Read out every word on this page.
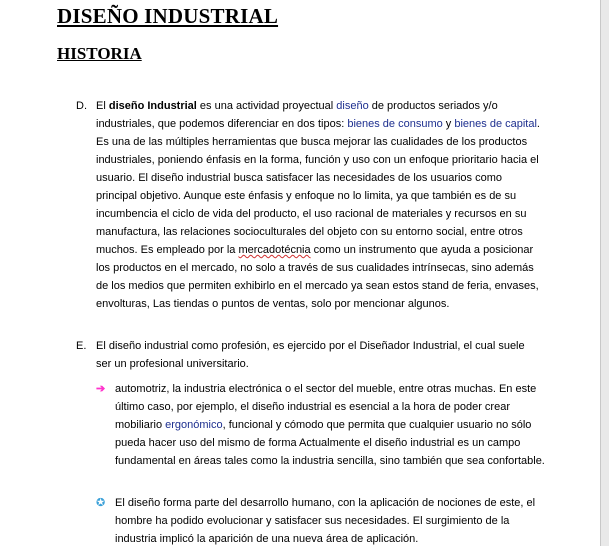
DISEÑO INDUSTRIAL
HISTORIA
D. El diseño Industrial es una actividad proyectual diseño de productos seriados y/o industriales, que podemos diferenciar en dos tipos: bienes de consumo y bienes de capital. Es una de las múltiples herramientas que busca mejorar las cualidades de los productos industriales, poniendo énfasis en la forma, función y uso con un enfoque prioritario hacia el usuario. El diseño industrial busca satisfacer las necesidades de los usuarios como principal objetivo. Aunque este énfasis y enfoque no lo limita, ya que también es de su incumbencia el ciclo de vida del producto, el uso racional de materiales y recursos en su manufactura, las relaciones socioculturales del objeto con su entorno social, entre otros muchos. Es empleado por la mercadotécnia como un instrumento que ayuda a posicionar los productos en el mercado, no solo a través de sus cualidades intrínsecas, sino además de los medios que permiten exhibirlo en el mercado ya sean estos stand de feria, envases, envolturas, Las tiendas o puntos de ventas, solo por mencionar algunos.

E. El diseño industrial como profesión, es ejercido por el Diseñador Industrial, el cual suele ser un profesional universitario.

➔ automotriz, la industria electrónica o el sector del mueble, entre otras muchas. En este último caso, por ejemplo, el diseño industrial es esencial a la hora de poder crear mobiliario ergonómico, funcional y cómodo que permita que cualquier usuario no sólo pueda hacer uso del mismo de forma Actualmente el diseño industrial es un campo fundamental en áreas tales como la industria sencilla, sino también que sea confortable.

✪ El diseño forma parte del desarrollo humano, con la aplicación de nociones de este, el hombre ha podido evolucionar y satisfacer sus necesidades. El surgimiento de la industria implicó la aparición de una nueva área de aplicación.
